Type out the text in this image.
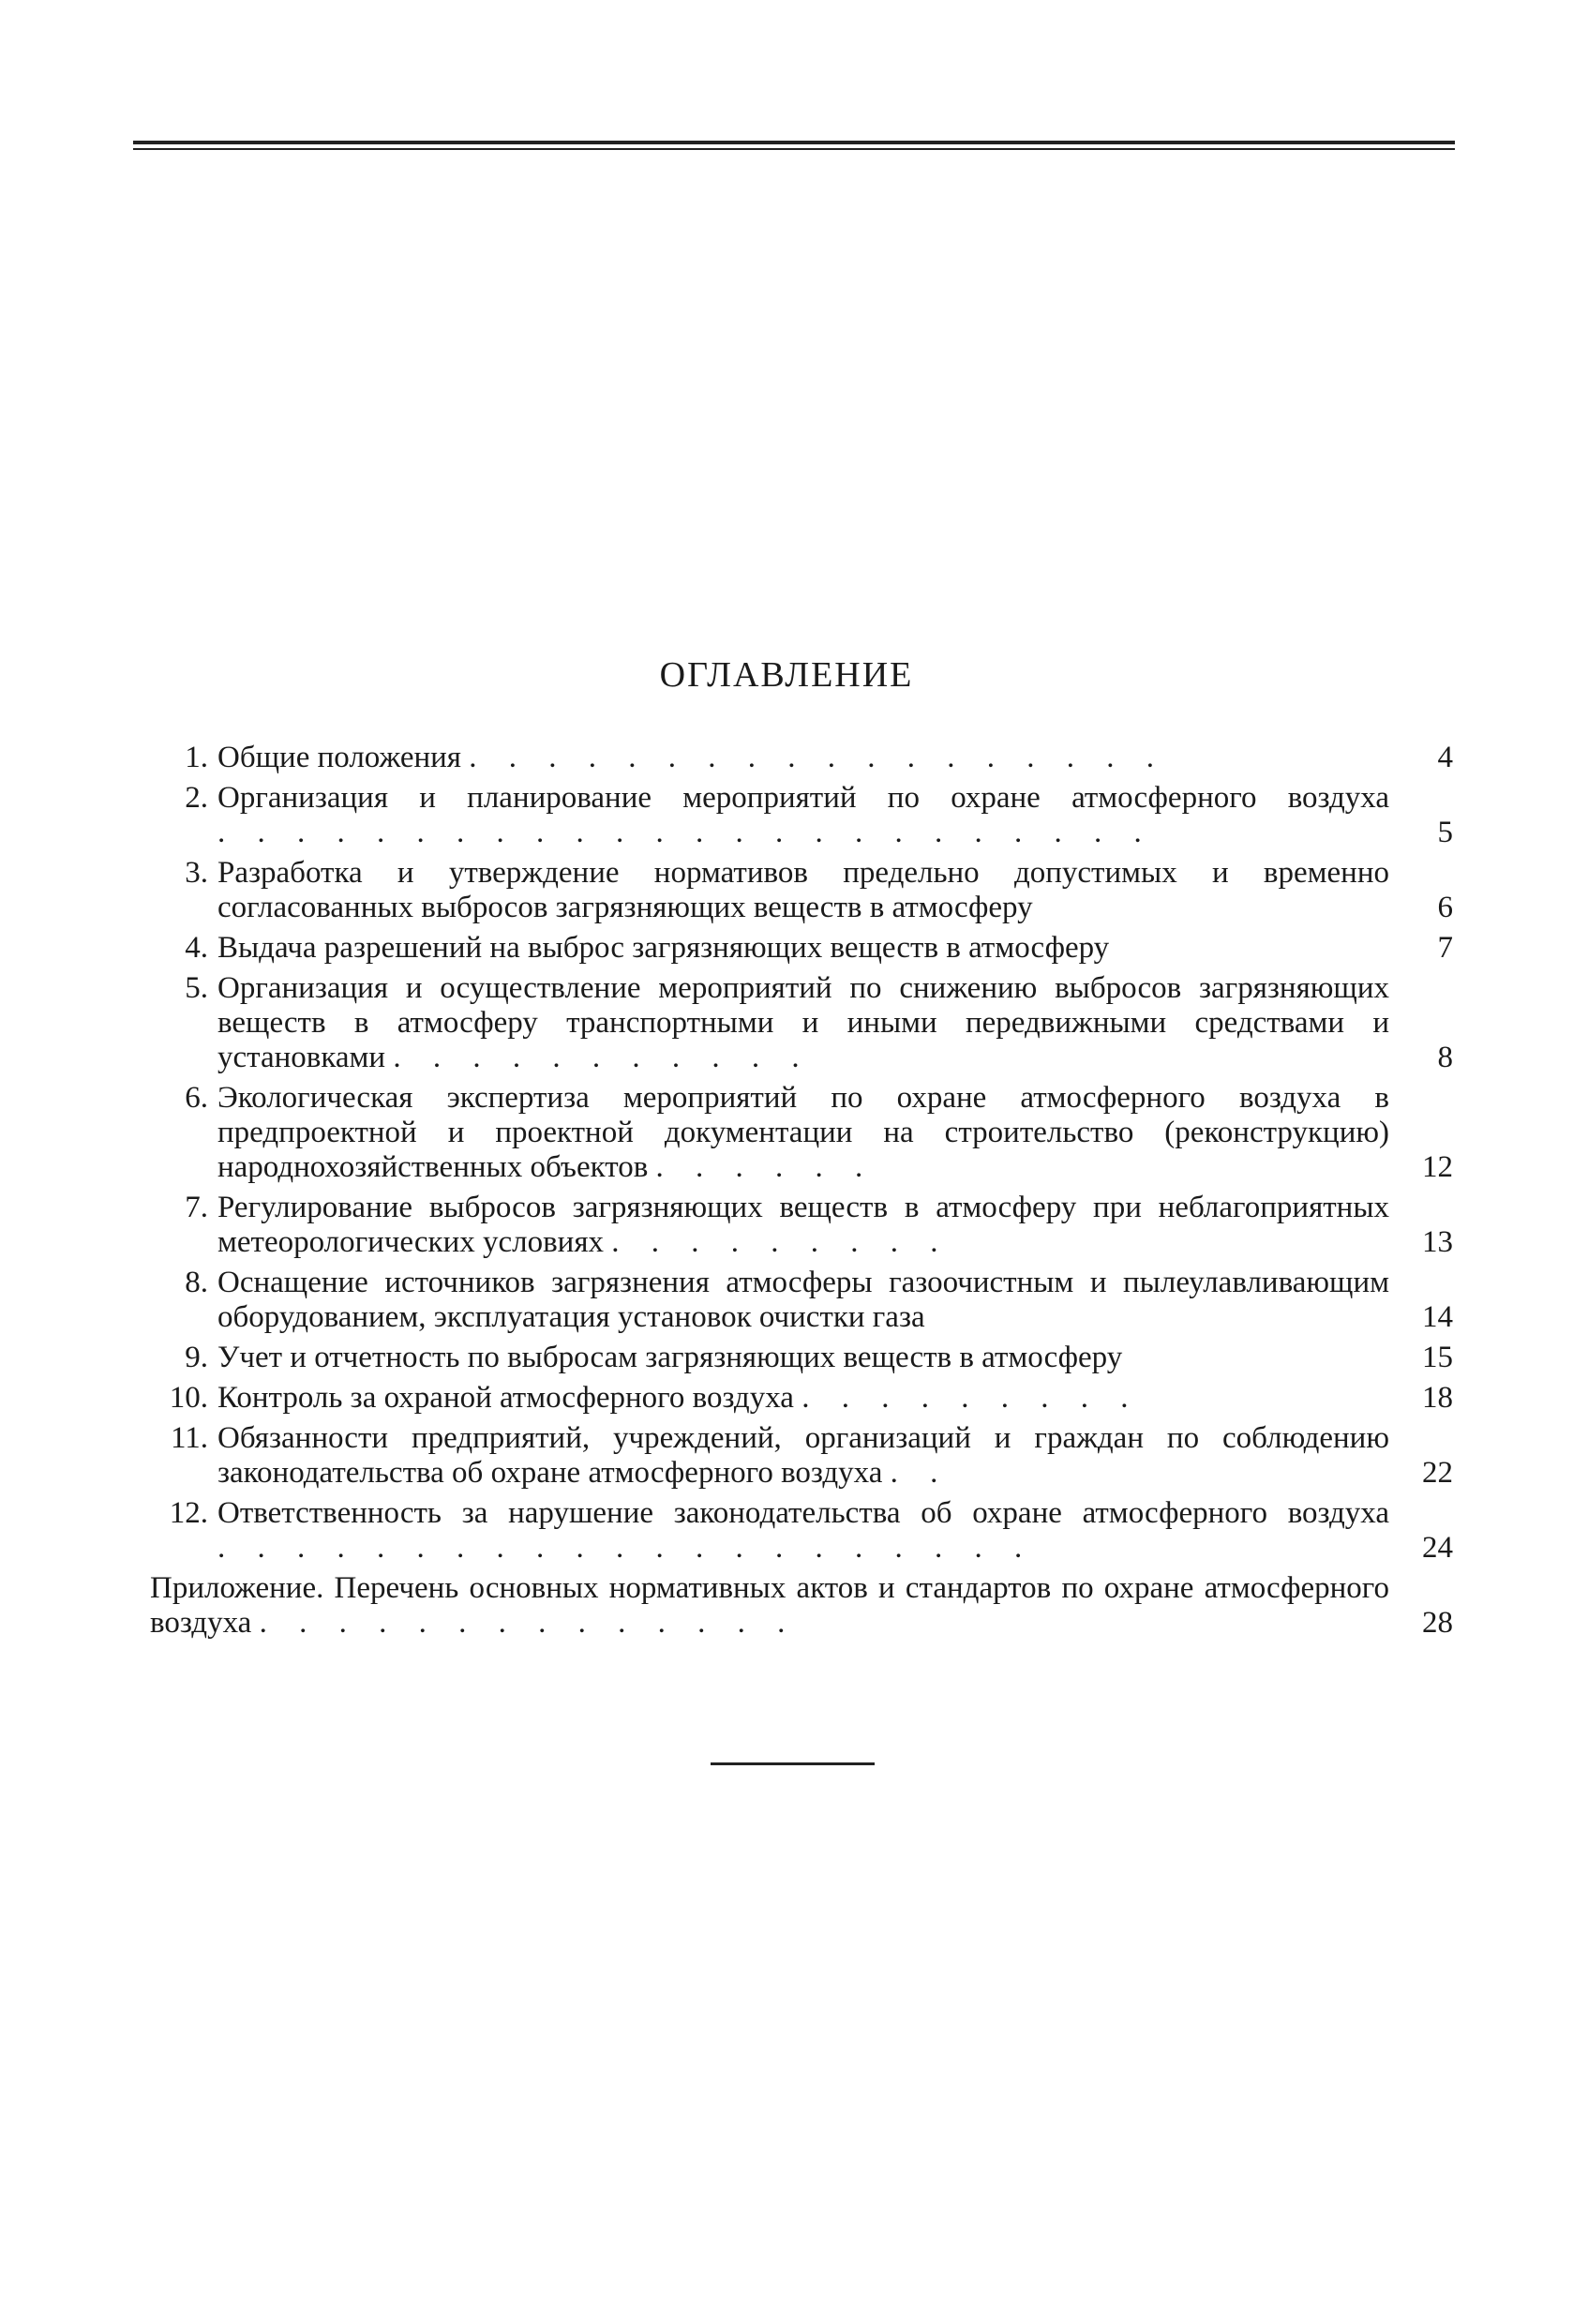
ОГЛАВЛЕНИЕ
1. Общие положения . . . . . . . . . . . . . . . . . .	4
2. Организация и планирование мероприятий по охране атмосферного воздуха . . . . . . . . . . . . . . . . . . . . . . . .	5
3. Разработка и утверждение нормативов предельно допустимых и временно согласованных выбросов загрязняющих веществ в атмосферу	6
4. Выдача разрешений на выброс загрязняющих веществ в атмосферу	7
5. Организация и осуществление мероприятий по снижению выбросов загрязняющих веществ в атмосферу транспортными и иными передвижными средствами и установками . . . . . . . . . . .	8
6. Экологическая экспертиза мероприятий по охране атмосферного воздуха в предпроектной и проектной документации на строительство (реконструкцию) народнохозяйственных объектов . . . . . .	12
7. Регулирование выбросов загрязняющих веществ в атмосферу при неблагоприятных метеорологических условиях . . . . . . . . .	13
8. Оснащение источников загрязнения атмосферы газоочистным и пылеулавливающим оборудованием, эксплуатация установок очистки газа	14
9. Учет и отчетность по выбросам загрязняющих веществ в атмосферу	15
10. Контроль за охраной атмосферного воздуха . . . . . . . . .	18
11. Обязанности предприятий, учреждений, организаций и граждан по соблюдению законодательства об охране атмосферного воздуха . .	22
12. Ответственность за нарушение законодательства об охране атмосферного воздуха . . . . . . . . . . . . . . . . . . . . .	24
Приложение. Перечень основных нормативных актов и стандартов по охране атмосферного воздуха . . . . . . . . . . . . . .	28
